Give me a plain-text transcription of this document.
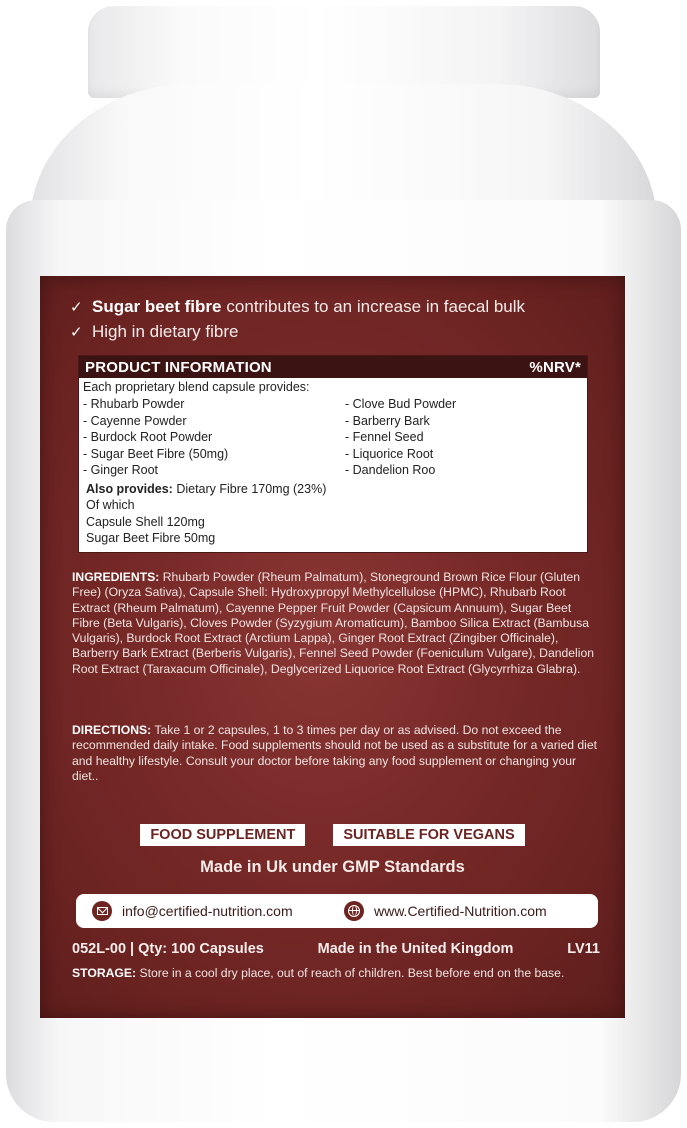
✓ Sugar beet fibre contributes to an increase in faecal bulk
✓ High in dietary fibre
PRODUCT INFORMATION	%NRV*
Each proprietary blend capsule provides:
- Rhubarb Powder
- Cayenne Powder
- Burdock Root Powder
- Sugar Beet Fibre (50mg)
- Ginger Root
- Clove Bud Powder
- Barberry Bark
- Fennel Seed
- Liquorice Root
- Dandelion Roo
Also provides: Dietary Fibre 170mg (23%)
Of which
Capsule Shell 120mg
Sugar Beet Fibre 50mg
INGREDIENTS: Rhubarb Powder (Rheum Palmatum), Stoneground Brown Rice Flour (Gluten Free) (Oryza Sativa), Capsule Shell: Hydroxypropyl Methylcellulose (HPMC), Rhubarb Root Extract (Rheum Palmatum), Cayenne Pepper Fruit Powder (Capsicum Annuum), Sugar Beet Fibre (Beta Vulgaris), Cloves Powder (Syzygium Aromaticum), Bamboo Silica Extract (Bambusa Vulgaris), Burdock Root Extract (Arctium Lappa), Ginger Root Extract (Zingiber Officinale), Barberry Bark Extract (Berberis Vulgaris), Fennel Seed Powder (Foeniculum Vulgare), Dandelion Root Extract (Taraxacum Officinale), Deglycerized Liquorice Root Extract (Glycyrrhiza Glabra).
DIRECTIONS: Take 1 or 2 capsules, 1 to 3 times per day or as advised. Do not exceed the recommended daily intake. Food supplements should not be used as a substitute for a varied diet and healthy lifestyle. Consult your doctor before taking any food supplement or changing your diet..
FOOD SUPPLEMENT	SUITABLE FOR VEGANS
Made in Uk under GMP Standards
info@certified-nutrition.com	www.Certified-Nutrition.com
052L-00 | Qty: 100 Capsules	Made in the United Kingdom	LV11
STORAGE: Store in a cool dry place, out of reach of children. Best before end on the base.
